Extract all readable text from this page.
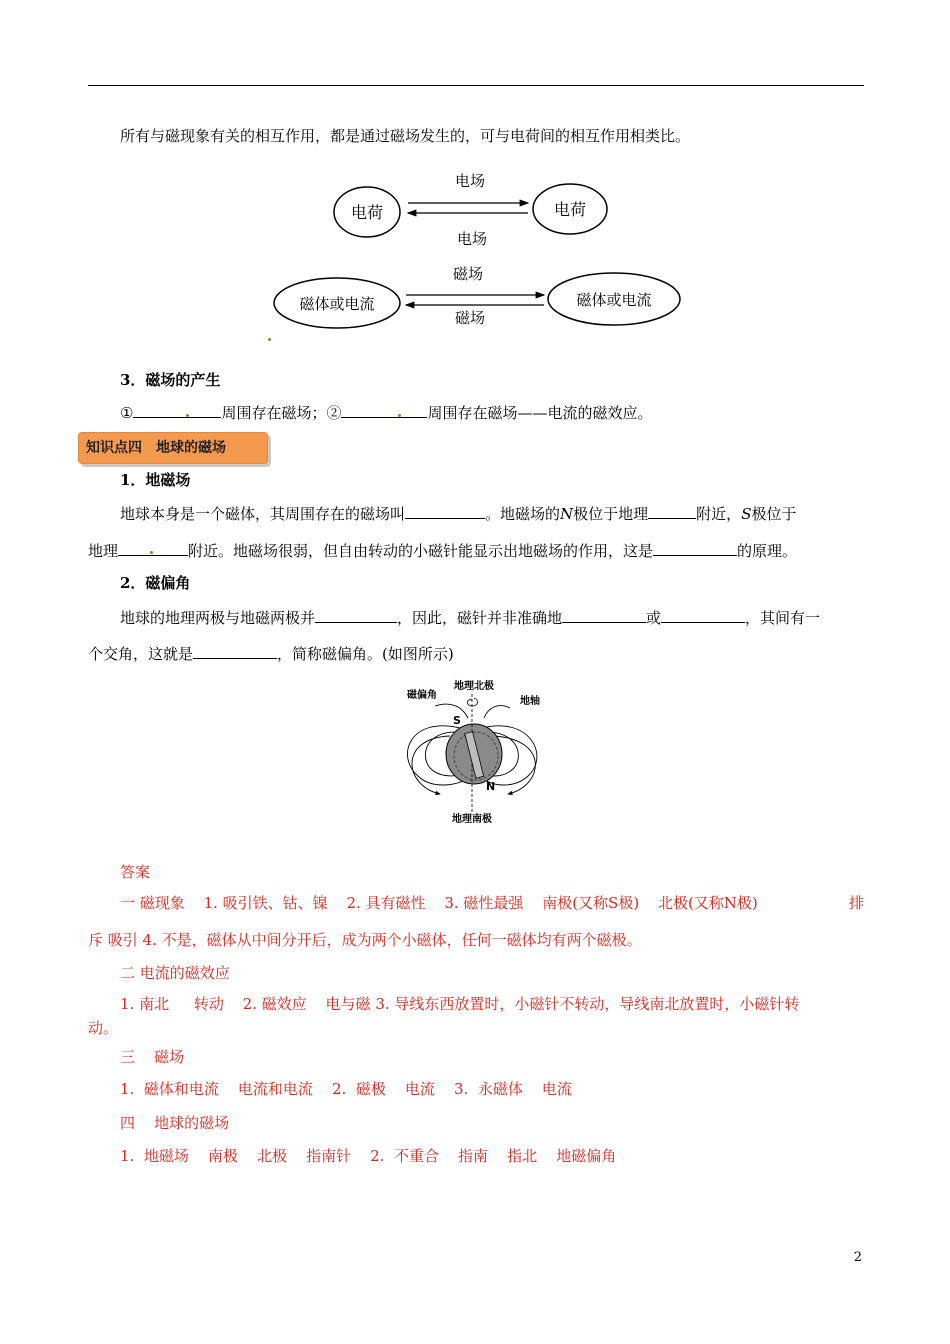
所有与磁现象有关的相互作用，都是通过磁场发生的，可与电荷间的相互作用相类比。
电荷	电荷
电场
电场
磁体或电流	磁体或电流
磁场
磁场
3．磁场的产生
①	周围存在磁场；②	周围存在磁场——电流的磁效应。
知识点四　地球的磁场
1．地磁场
地球本身是一个磁体，其周围存在的磁场叫	。地磁场的N极位于地理	附近，S极位于
地理	附近。地磁场很弱，但自由转动的小磁针能显示出地磁场的作用，这是	的原理。
2．磁偏角
地球的地理两极与地磁两极并	，因此，磁针并非准确地	或	，其间有一
个交角，这就是	，简称磁偏角。(如图所示)
地理北极
磁偏角
地轴
地理南极
S
N
答案
一 磁现象 1. 吸引铁、钴、镍 2. 具有磁性 3. 磁性最强 南极(又称S极) 北极(又称N极)	排
斥 吸引 4. 不是，磁体从中间分开后，成为两个小磁体，任何一磁体均有两个磁极。
二 电流的磁效应
1. 南北 转动 2. 磁效应 电与磁 3. 导线东西放置时，小磁针不转动，导线南北放置时，小磁针转
动。
三    磁场
1.  磁体和电流    电流和电流    2.  磁极    电流    3.  永磁体    电流
四    地球的磁场
1.  地磁场    南极    北极    指南针    2.  不重合    指南    指北    地磁偏角
2
